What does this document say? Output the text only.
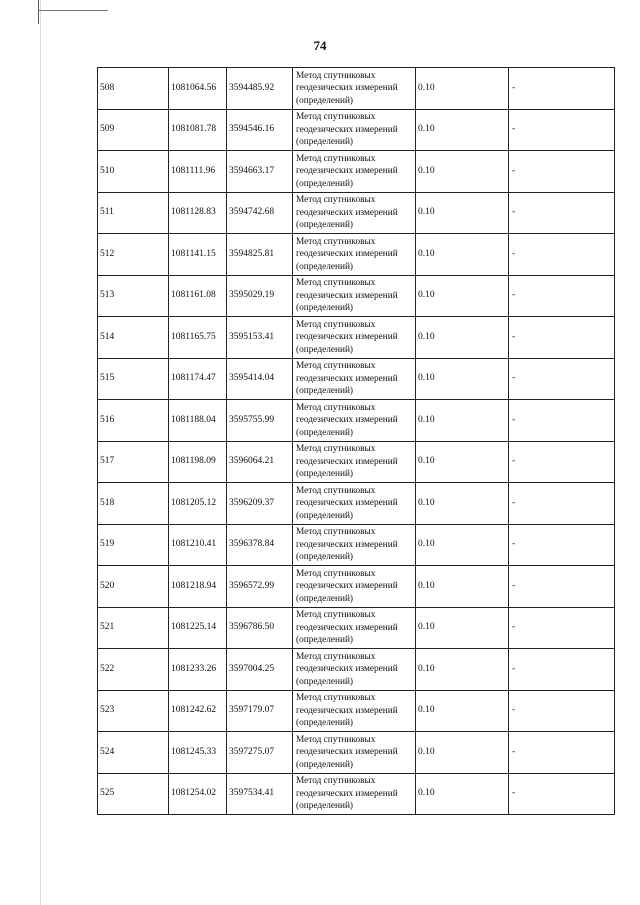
74
508	1081064.56	3594485.92	Метод спутниковых геодезических измерений (определений)	0.10	-
509	1081081.78	3594546.16	Метод спутниковых геодезических измерений (определений)	0.10	-
510	1081111.96	3594663.17	Метод спутниковых геодезических измерений (определений)	0.10	-
511	1081128.83	3594742.68	Метод спутниковых геодезических измерений (определений)	0.10	-
512	1081141.15	3594825.81	Метод спутниковых геодезических измерений (определений)	0.10	-
513	1081161.08	3595029.19	Метод спутниковых геодезических измерений (определений)	0.10	-
514	1081165.75	3595153.41	Метод спутниковых геодезических измерений (определений)	0.10	-
515	1081174.47	3595414.04	Метод спутниковых геодезических измерений (определений)	0.10	-
516	1081188.04	3595755.99	Метод спутниковых геодезических измерений (определений)	0.10	-
517	1081198.09	3596064.21	Метод спутниковых геодезических измерений (определений)	0.10	-
518	1081205.12	3596209.37	Метод спутниковых геодезических измерений (определений)	0.10	-
519	1081210.41	3596378.84	Метод спутниковых геодезических измерений (определений)	0.10	-
520	1081218.94	3596572.99	Метод спутниковых геодезических измерений (определений)	0.10	-
521	1081225.14	3596786.50	Метод спутниковых геодезических измерений (определений)	0.10	-
522	1081233.26	3597004.25	Метод спутниковых геодезических измерений (определений)	0.10	-
523	1081242.62	3597179.07	Метод спутниковых геодезических измерений (определений)	0.10	-
524	1081245.33	3597275.07	Метод спутниковых геодезических измерений (определений)	0.10	-
525	1081254.02	3597534.41	Метод спутниковых геодезических измерений (определений)	0.10	-
